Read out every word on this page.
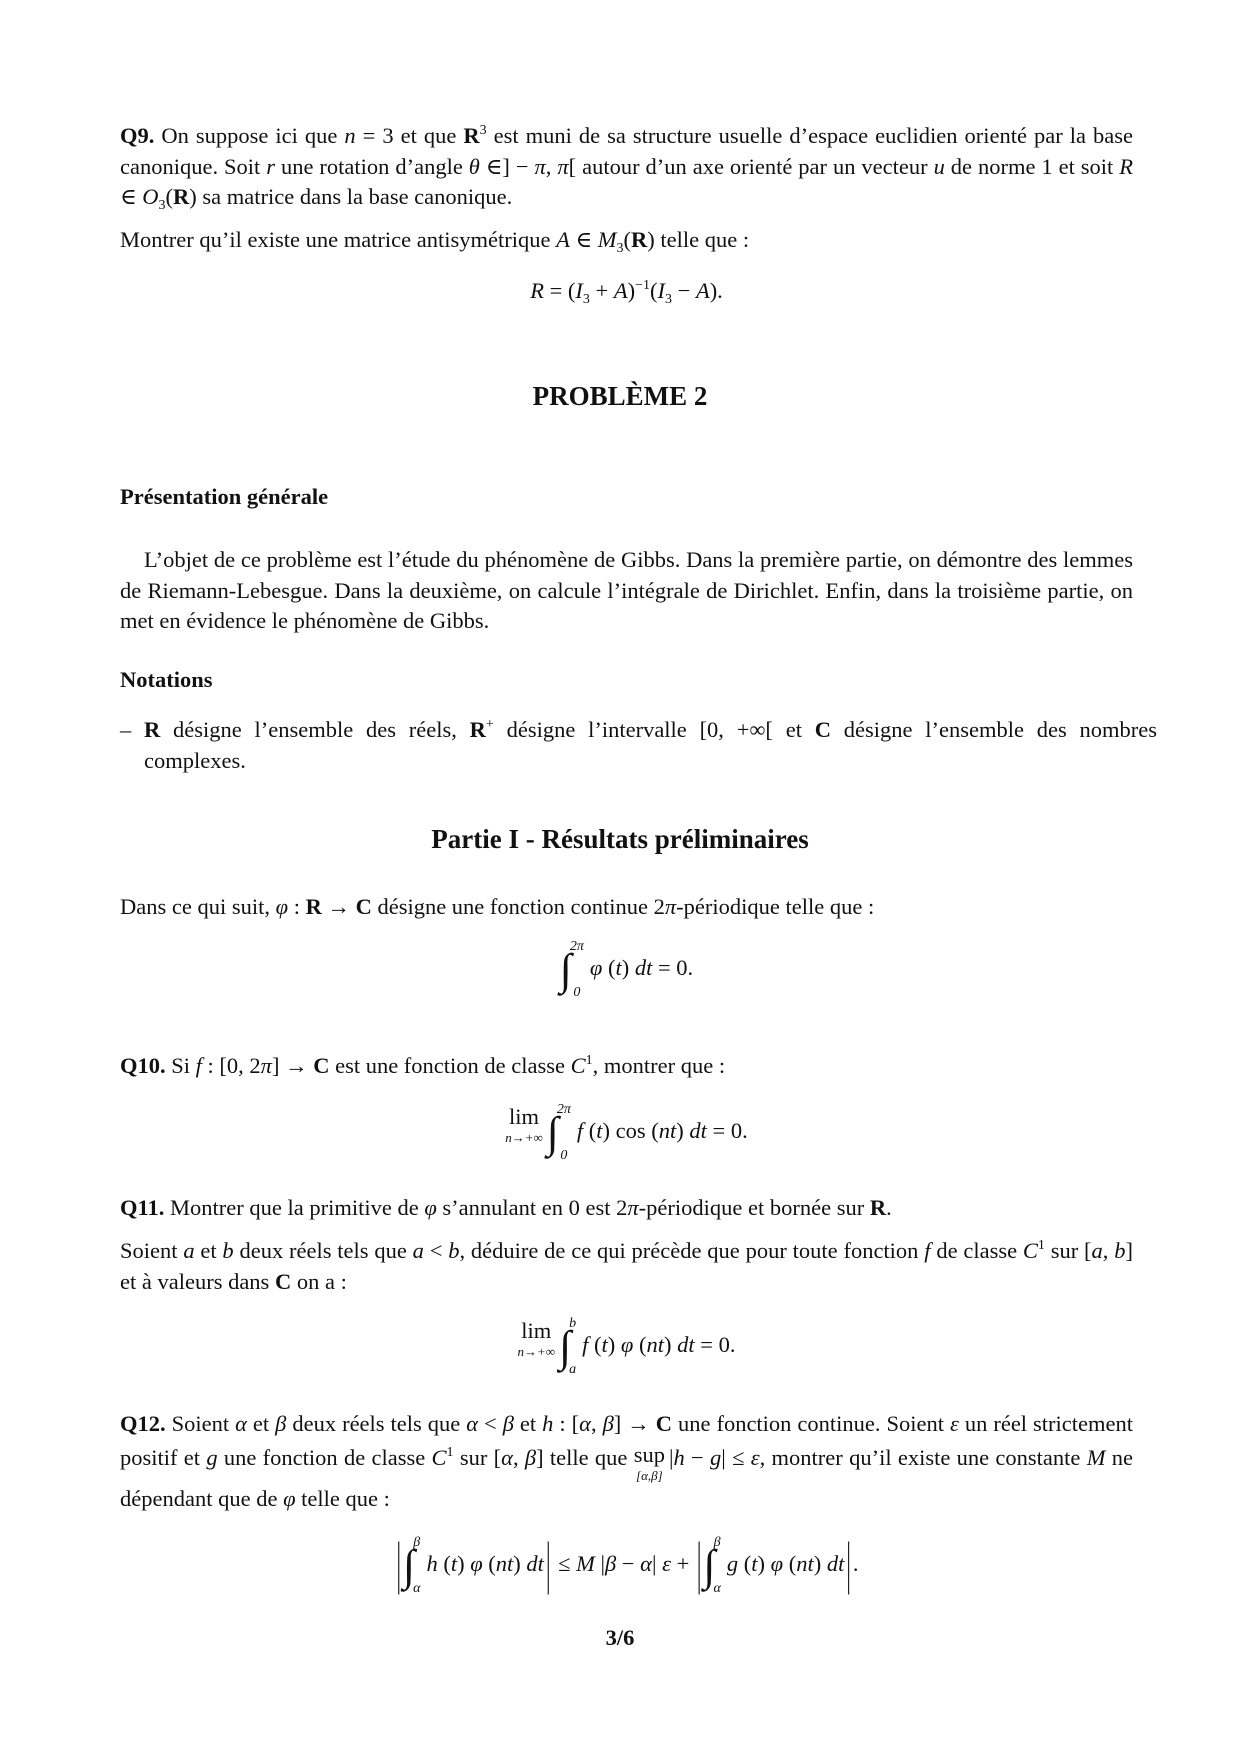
Q9. On suppose ici que n = 3 et que $R^3$ est muni de sa structure usuelle d’espace euclidien orienté par la base canonique. Soit r une rotation d’angle θ ∈] − π, π[ autour d’un axe orienté par un vecteur u de norme 1 et soit R ∈ $O_3(R)$ sa matrice dans la base canonique.
Montrer qu’il existe une matrice antisymétrique A ∈ $M_3(R)$ telle que :
$R = (I_3 + A)^{-1}(I_3 - A)$.
PROBLÈME 2
Présentation générale
L’objet de ce problème est l’étude du phénomène de Gibbs. Dans la première partie, on démontre des lemmes de Riemann-Lebesgue. Dans la deuxième, on calcule l’intégrale de Dirichlet. Enfin, dans la troisième partie, on met en évidence le phénomène de Gibbs.
Notations
– R désigne l’ensemble des réels, R+ désigne l’intervalle [0, +∞[ et C désigne l’ensemble des nombres complexes.
Partie I - Résultats préliminaires
Dans ce qui suit, φ : R → C désigne une fonction continue 2π-périodique telle que :
∫
2π
0
φ (t) dt = 0.
Q10. Si f : [0, 2π] → C est une fonction de classe $C^1$, montrer que :
lim
n→+∞ ∫
2π
0
f (t) cos (nt) dt = 0.
Q11. Montrer que la primitive de φ s’annulant en 0 est 2π-périodique et bornée sur R.
Soient a et b deux réels tels que a < b, déduire de ce qui précède que pour toute fonction f de classe $C^1$ sur [a, b] et à valeurs dans C on a :
lim
n→+∞ ∫
b
a
f (t) φ (nt) dt = 0.
Q12. Soient α et β deux réels tels que α < β et h : [α, β] → C une fonction continue. Soient ε un réel strictement positif et g une fonction de classe $C^1$ sur [α, β] telle que sup
[α,β]
|h − g| ≤ ε, montrer qu’il existe une constante M ne dépendant que de φ telle que :
| ∫
β
α
h (t) φ (nt) dt| ≤ M |β − α| ε + | ∫
β
α
g (t) φ (nt) dt|.
3/6
